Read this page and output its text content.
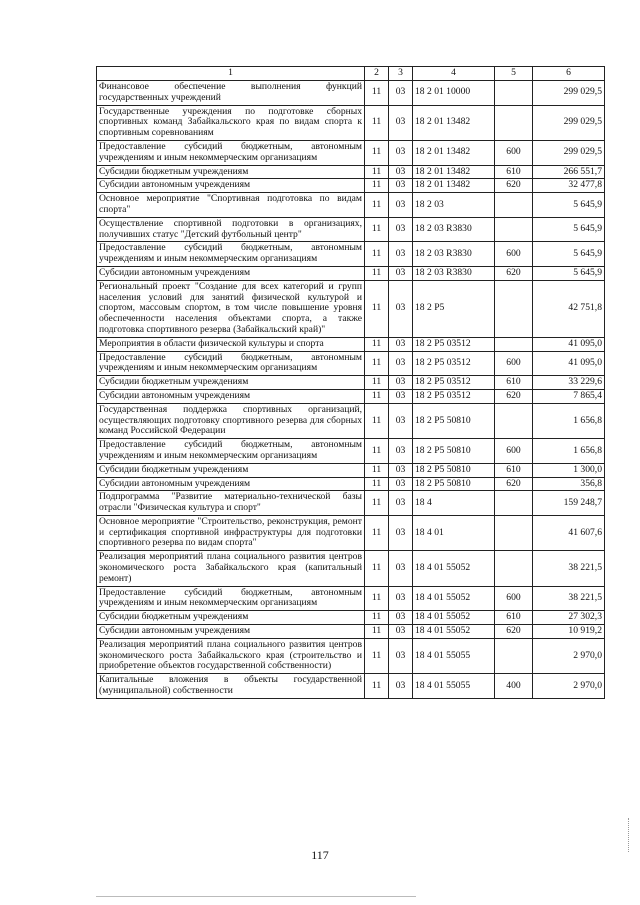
1	2	3	4	5	6
Финансовое обеспечение выполнения функций государственных учреждений	11	03	18 2 01 10000		299 029,5
Государственные учреждения по подготовке сборных спортивных команд Забайкальского края по видам спорта к спортивным соревнованиям	11	03	18 2 01 13482		299 029,5
Предоставление субсидий бюджетным, автономным учреждениям и иным некоммерческим организациям	11	03	18 2 01 13482	600	299 029,5
Субсидии бюджетным учреждениям	11	03	18 2 01 13482	610	266 551,7
Субсидии автономным учреждениям	11	03	18 2 01 13482	620	32 477,8
Основное мероприятие "Спортивная подготовка по видам спорта"	11	03	18 2 03		5 645,9
Осуществление спортивной подготовки в организациях, получивших статус "Детский футбольный центр"	11	03	18 2 03 R3830		5 645,9
Предоставление субсидий бюджетным, автономным учреждениям и иным некоммерческим организациям	11	03	18 2 03 R3830	600	5 645,9
Субсидии автономным учреждениям	11	03	18 2 03 R3830	620	5 645,9
Региональный проект "Создание для всех категорий и групп населения условий для занятий физической культурой и спортом, массовым спортом, в том числе повышение уровня обеспеченности населения объектами спорта, а также подготовка спортивного резерва (Забайкальский край)"	11	03	18 2 P5		42 751,8
Мероприятия в области физической культуры и спорта	11	03	18 2 P5 03512		41 095,0
Предоставление субсидий бюджетным, автономным учреждениям и иным некоммерческим организациям	11	03	18 2 P5 03512	600	41 095,0
Субсидии бюджетным учреждениям	11	03	18 2 P5 03512	610	33 229,6
Субсидии автономным учреждениям	11	03	18 2 P5 03512	620	7 865,4
Государственная поддержка спортивных организаций, осуществляющих подготовку спортивного резерва для сборных команд Российской Федерации	11	03	18 2 P5 50810		1 656,8
Предоставление субсидий бюджетным, автономным учреждениям и иным некоммерческим организациям	11	03	18 2 P5 50810	600	1 656,8
Субсидии бюджетным учреждениям	11	03	18 2 P5 50810	610	1 300,0
Субсидии автономным учреждениям	11	03	18 2 P5 50810	620	356,8
Подпрограмма "Развитие материально-технической базы отрасли "Физическая культура и спорт"	11	03	18 4		159 248,7
Основное мероприятие "Строительство, реконструкция, ремонт и сертификация спортивной инфраструктуры для подготовки спортивного резерва по видам спорта"	11	03	18 4 01		41 607,6
Реализация мероприятий плана социального развития центров экономического роста Забайкальского края (капитальный ремонт)	11	03	18 4 01 55052		38 221,5
Предоставление субсидий бюджетным, автономным учреждениям и иным некоммерческим организациям	11	03	18 4 01 55052	600	38 221,5
Субсидии бюджетным учреждениям	11	03	18 4 01 55052	610	27 302,3
Субсидии автономным учреждениям	11	03	18 4 01 55052	620	10 919,2
Реализация мероприятий плана социального развития центров экономического роста Забайкальского края (строительство и приобретение объектов государственной собственности)	11	03	18 4 01 55055		2 970,0
Капитальные вложения в объекты государственной (муниципальной) собственности	11	03	18 4 01 55055	400	2 970,0
117
